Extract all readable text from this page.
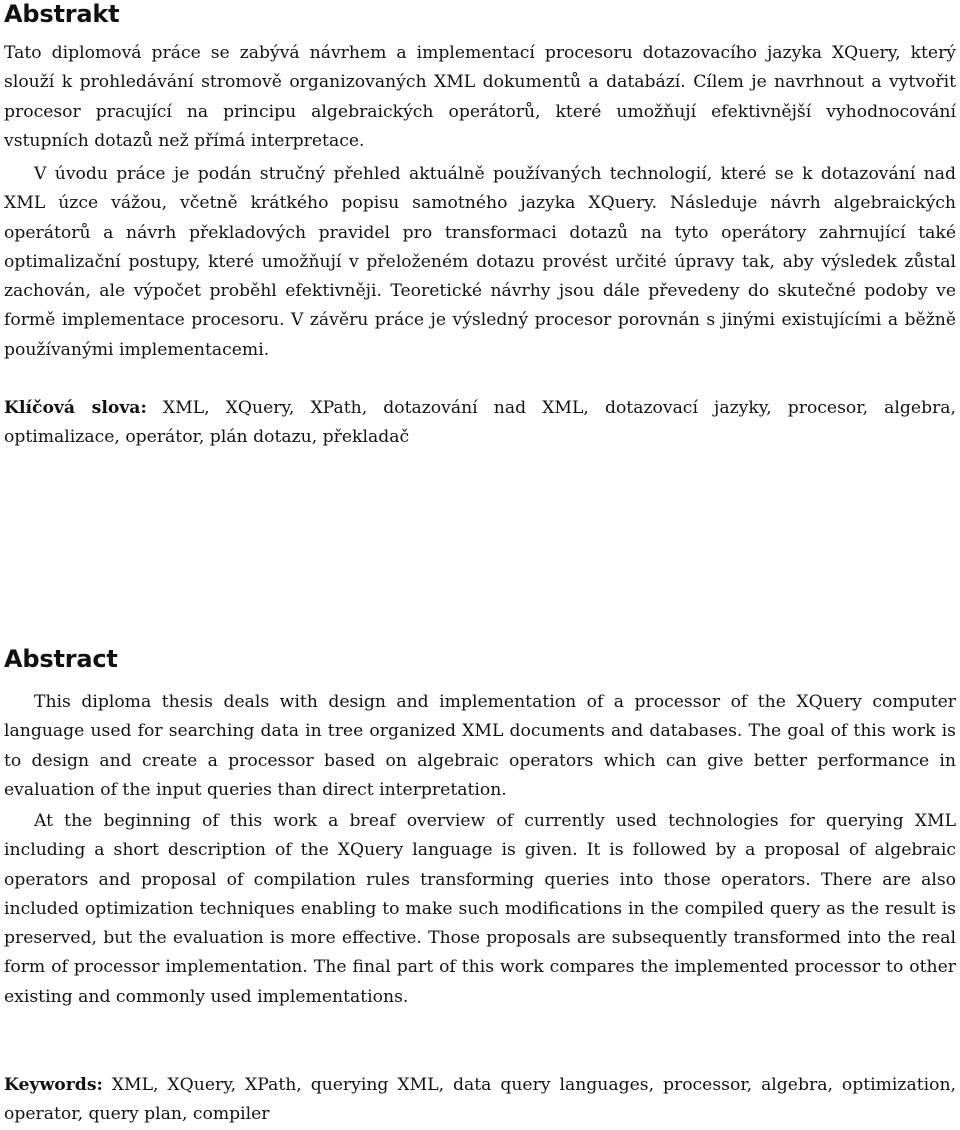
Abstrakt

Tato diplomová práce se zabývá návrhem a implementací procesoru dotazovacího jazyka XQuery, který slouží k prohledávání stromově organizovaných XML dokumentů a databází. Cílem je navrhnout a vytvořit procesor pracující na principu algebraických operátorů, které umožňují efektivnější vyhodnocování vstupních dotazů než přímá interpretace.

V úvodu práce je podán stručný přehled aktuálně používaných technologií, které se k dotazování nad XML úzce vážou, včetně krátkého popisu samotného jazyka XQuery. Následuje návrh algebraických operátorů a návrh překladových pravidel pro transformaci dotazů na tyto operátory zahrnující také optimalizační postupy, které umožňují v přeloženém dotazu provést určité úpravy tak, aby výsledek zůstal zachován, ale výpočet proběhl efektivněji. Teoretické návrhy jsou dále převedeny do skutečné podoby ve formě implementace procesoru. V závěru práce je výsledný procesor porovnán s jinými existujícími a běžně používanými implementacemi.

Klíčová slova: XML, XQuery, XPath, dotazování nad XML, dotazovací jazyky, procesor, algebra, optimalizace, operátor, plán dotazu, překladač

Abstract

This diploma thesis deals with design and implementation of a processor of the XQuery computer language used for searching data in tree organized XML documents and databases. The goal of this work is to design and create a processor based on algebraic operators which can give better performance in evaluation of the input queries than direct interpretation.

At the beginning of this work a breaf overview of currently used technologies for querying XML including a short description of the XQuery language is given. It is followed by a proposal of algebraic operators and proposal of compilation rules transforming queries into those operators. There are also included optimization techniques enabling to make such modifications in the compiled query as the result is preserved, but the evaluation is more effective. Those proposals are subsequently transformed into the real form of processor implementation. The final part of this work compares the implemented processor to other existing and commonly used implementations.

Keywords: XML, XQuery, XPath, querying XML, data query languages, processor, algebra, optimization, operator, query plan, compiler
